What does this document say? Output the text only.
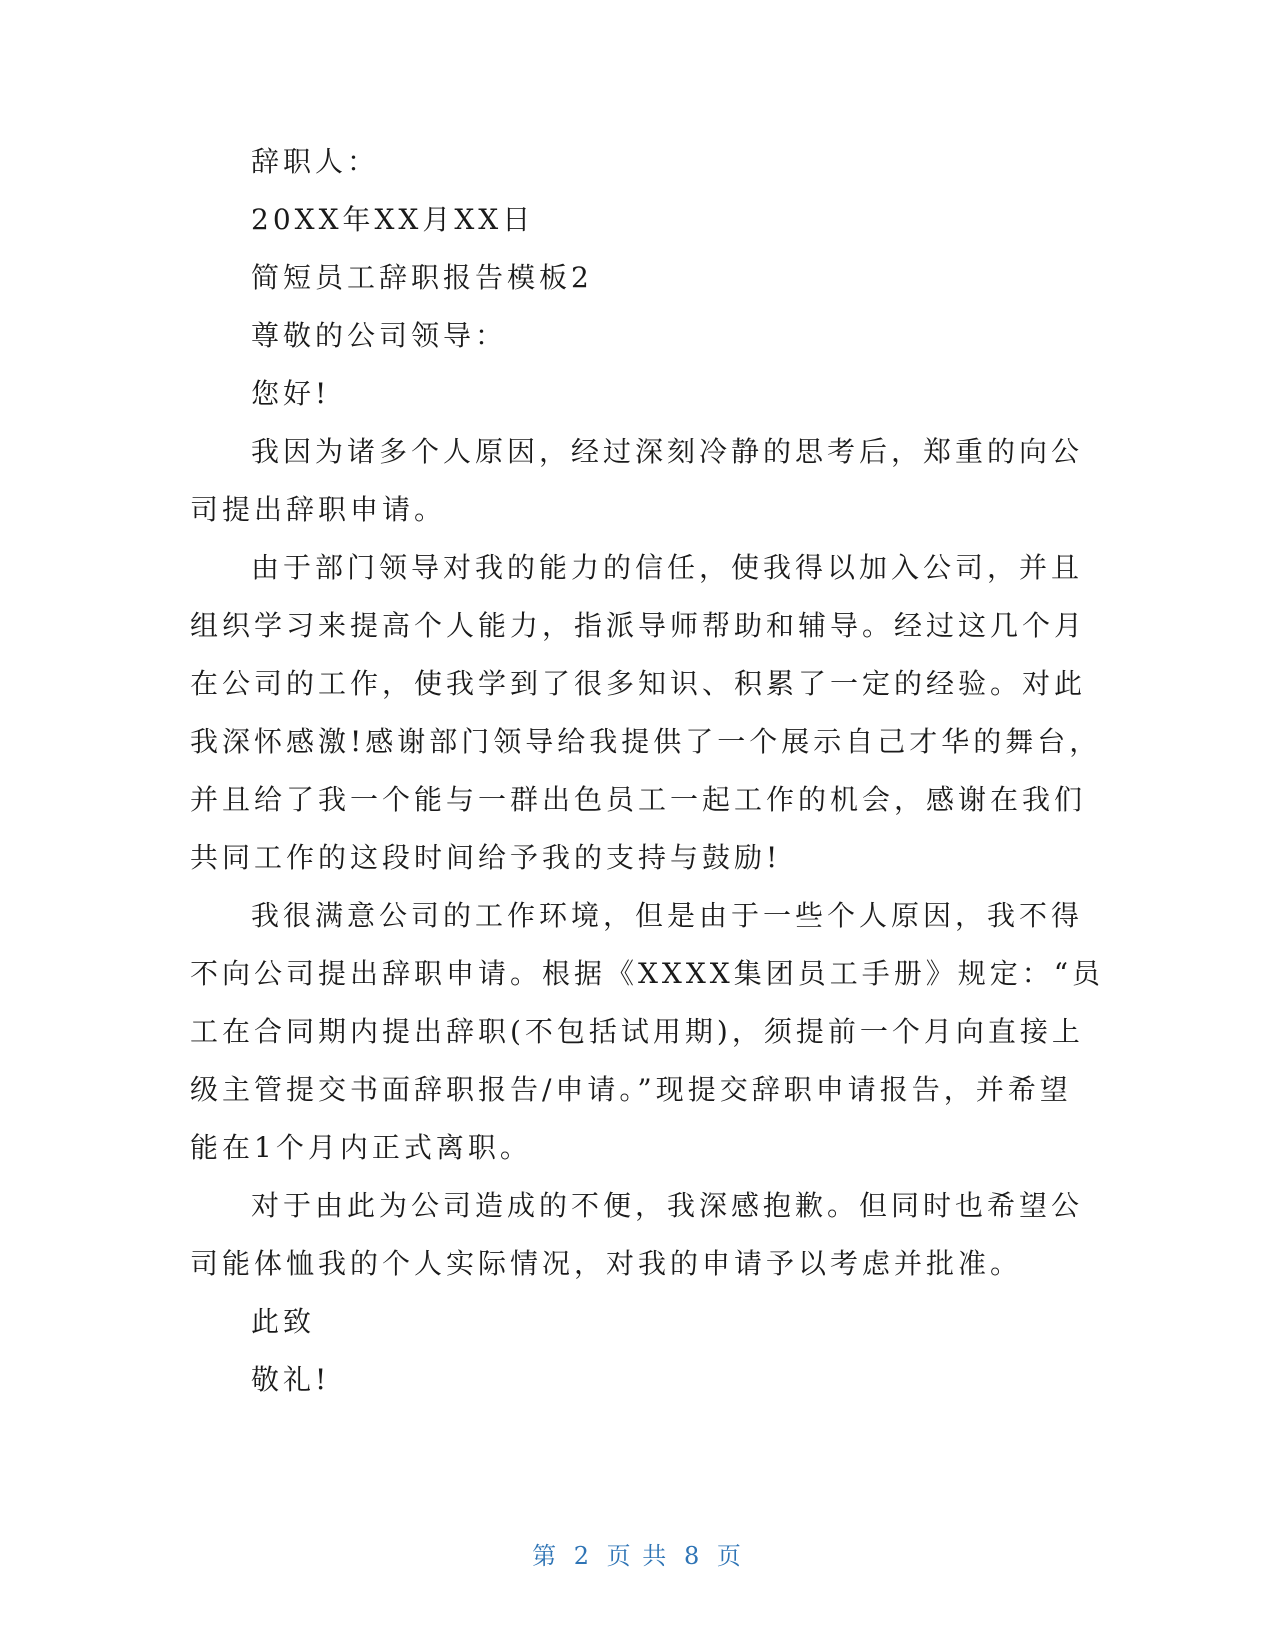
辞职人：
20XX年XX月XX日
简短员工辞职报告模板2
尊敬的公司领导：
您好!
我因为诸多个人原因，经过深刻冷静的思考后，郑重的向公
司提出辞职申请。
由于部门领导对我的能力的信任，使我得以加入公司，并且
组织学习来提高个人能力，指派导师帮助和辅导。经过这几个月
在公司的工作，使我学到了很多知识、积累了一定的经验。对此
我深怀感激!感谢部门领导给我提供了一个展示自己才华的舞台，
并且给了我一个能与一群出色员工一起工作的机会，感谢在我们
共同工作的这段时间给予我的支持与鼓励!
我很满意公司的工作环境，但是由于一些个人原因，我不得
不向公司提出辞职申请。根据《XXXX集团员工手册》规定：“员
工在合同期内提出辞职(不包括试用期)，须提前一个月向直接上
级主管提交书面辞职报告/申请。”现提交辞职申请报告，并希望
能在1个月内正式离职。
对于由此为公司造成的不便，我深感抱歉。但同时也希望公
司能体恤我的个人实际情况，对我的申请予以考虑并批准。
此致
敬礼!
第 2 页 共 8 页
